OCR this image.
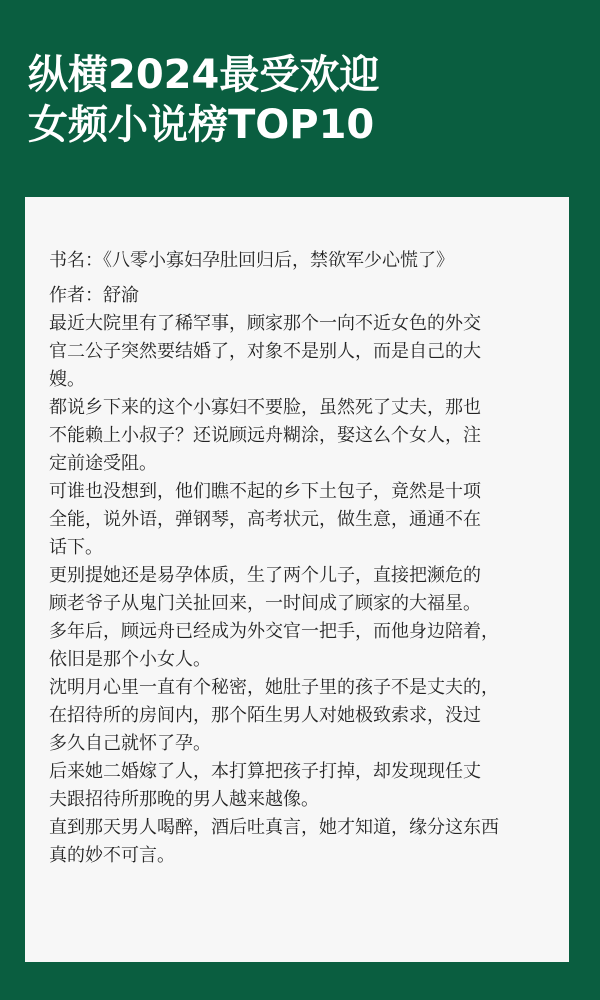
纵横2024最受欢迎
女频小说榜TOP10

书名：《八零小寡妇孕肚回归后，禁欲军少心慌了》

作者：舒渝

最近大院里有了稀罕事，顾家那个一向不近女色的外交

官二公子突然要结婚了，对象不是别人，而是自己的大

嫂。

都说乡下来的这个小寡妇不要脸，虽然死了丈夫，那也

不能赖上小叔子？还说顾远舟糊涂，娶这么个女人，注

定前途受阻。

可谁也没想到，他们瞧不起的乡下土包子，竟然是十项

全能，说外语，弹钢琴，高考状元，做生意，通通不在

话下。

更别提她还是易孕体质，生了两个儿子，直接把濒危的

顾老爷子从鬼门关扯回来，一时间成了顾家的大福星。

多年后，顾远舟已经成为外交官一把手，而他身边陪着，

依旧是那个小女人。

沈明月心里一直有个秘密，她肚子里的孩子不是丈夫的，

在招待所的房间内，那个陌生男人对她极致索求，没过

多久自己就怀了孕。

后来她二婚嫁了人，本打算把孩子打掉，却发现现任丈

夫跟招待所那晚的男人越来越像。

直到那天男人喝醉，酒后吐真言，她才知道，缘分这东西

真的妙不可言。
